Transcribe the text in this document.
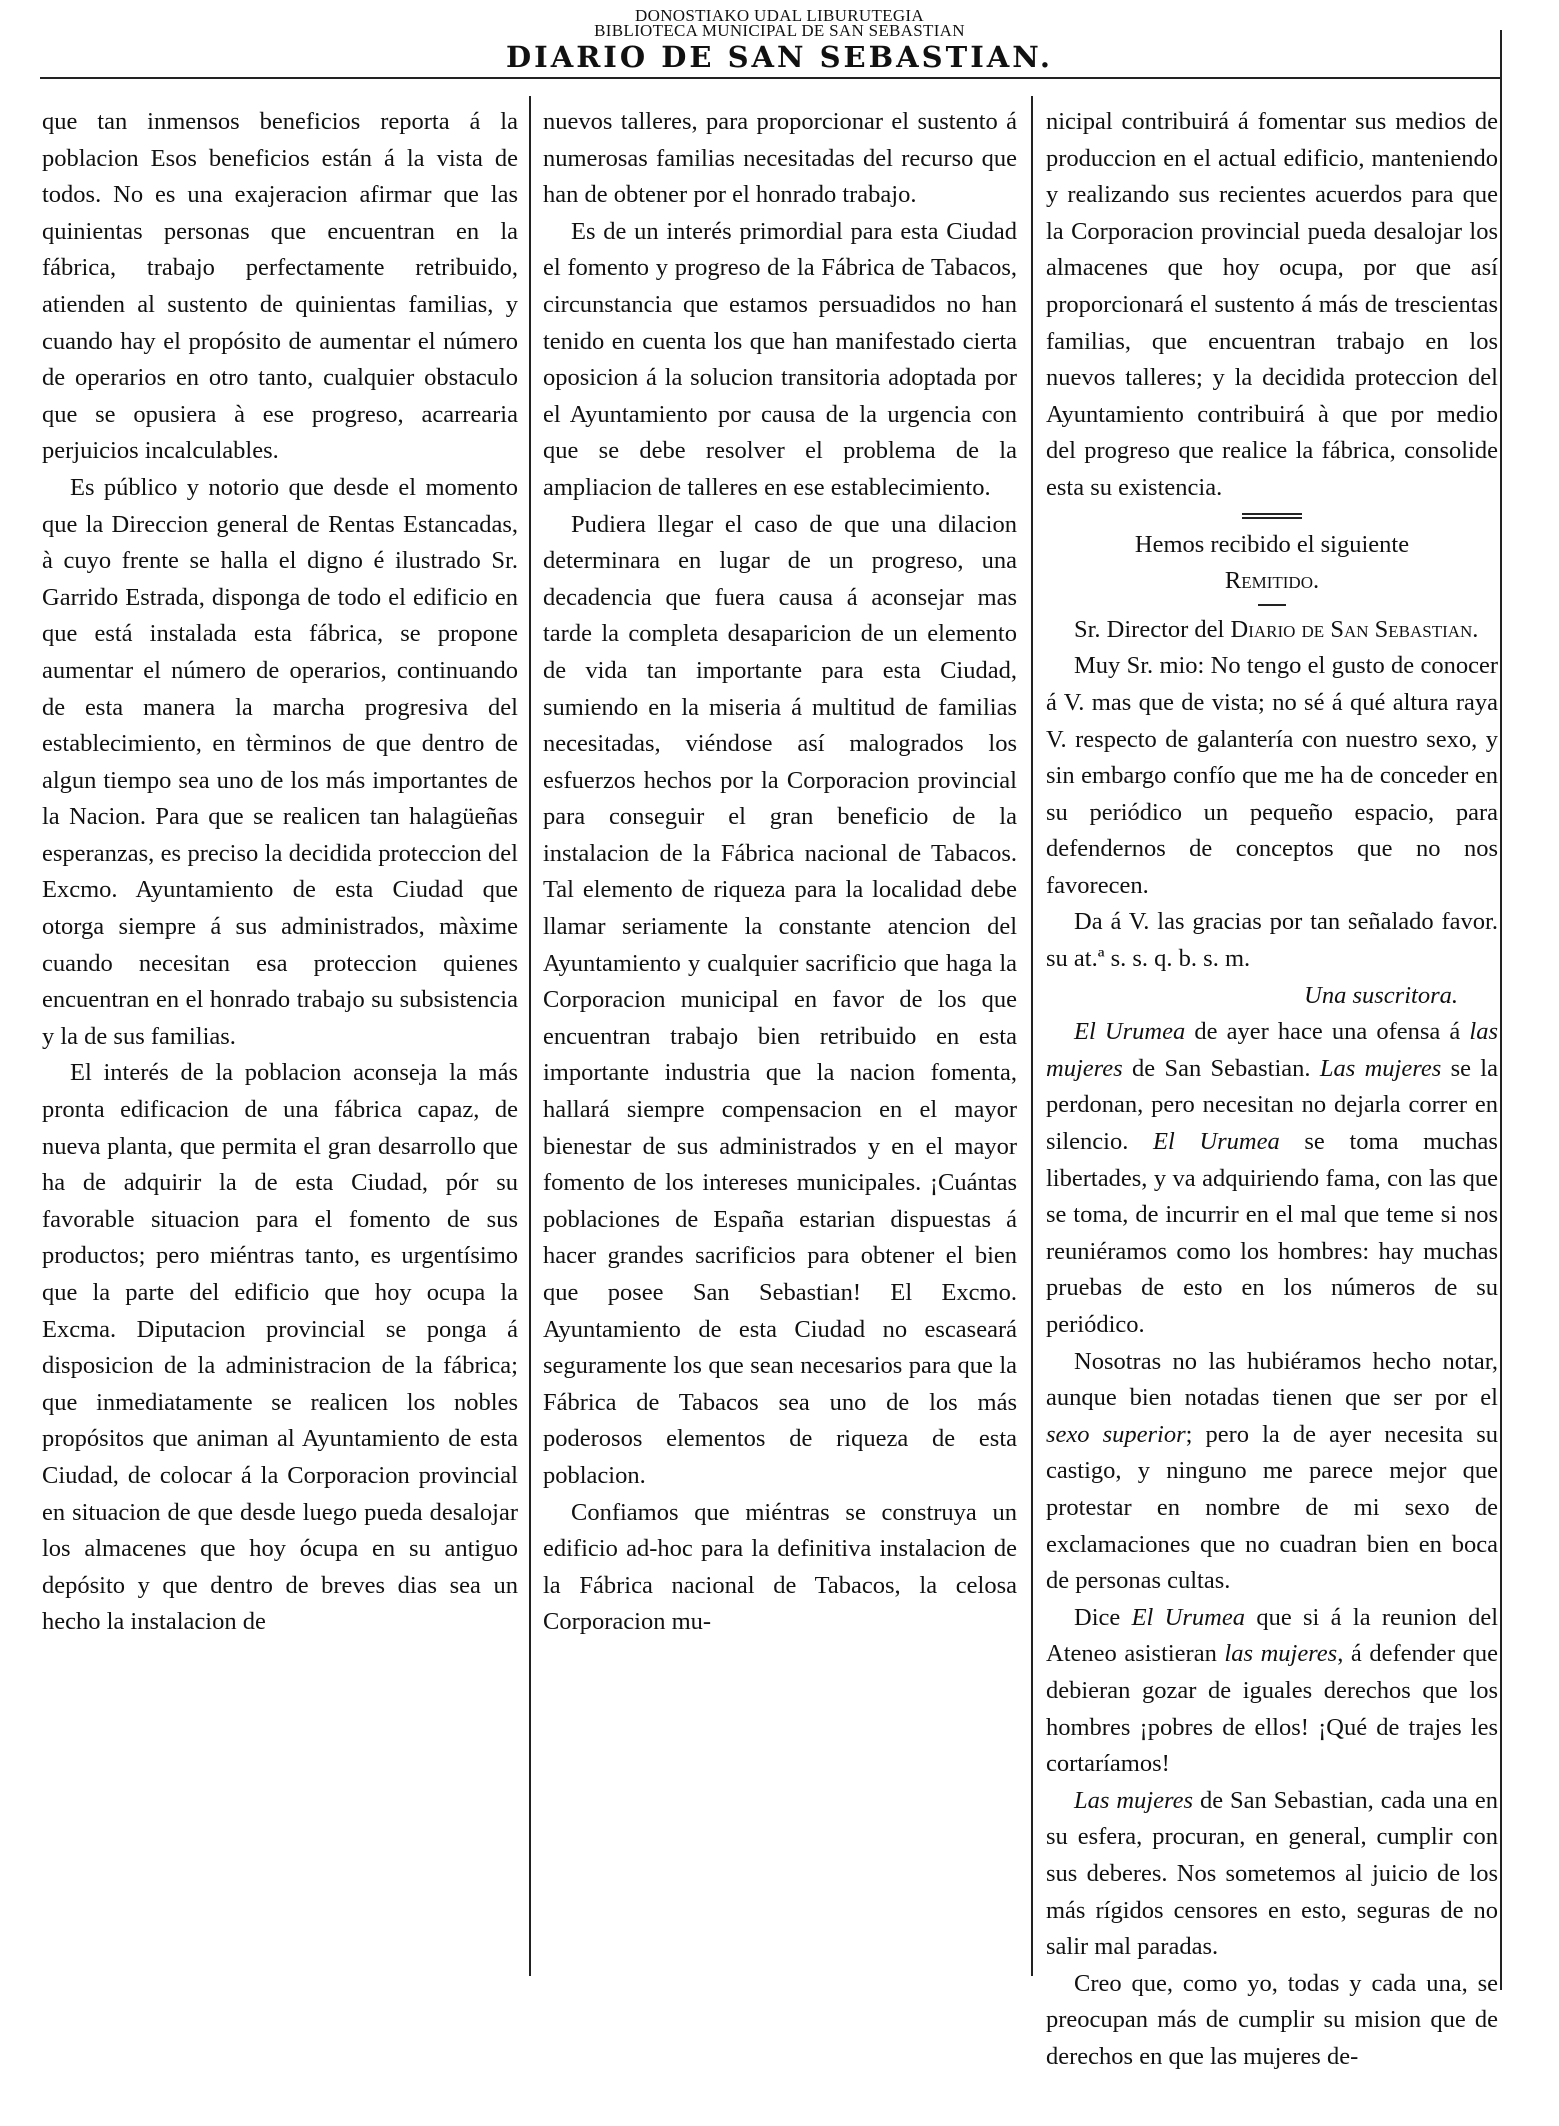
DONOSTIAKO UDAL LIBURUTEGIA
BIBLIOTECA MUNICIPAL DE SAN SEBASTIAN
DIARIO DE SAN SEBASTIAN.

que tan inmensos beneficios reporta á la poblacion Esos beneficios están á la vista de todos. No es una exajeracion afirmar que las quinientas personas que encuentran en la fábrica, trabajo perfectamente retribuido, atienden al sustento de quinientas familias, y cuando hay el propósito de aumentar el número de operarios en otro tanto, cualquier obstaculo que se opusiera à ese progreso, acarrearia perjuicios incalculables.

Es público y notorio que desde el momento que la Direccion general de Rentas Estancadas, à cuyo frente se halla el digno é ilustrado Sr. Garrido Estrada, disponga de todo el edificio en que está instalada esta fábrica, se propone aumentar el número de operarios, continuando de esta manera la marcha progresiva del establecimiento, en tèrminos de que dentro de algun tiempo sea uno de los más importantes de la Nacion. Para que se realicen tan halagüeñas esperanzas, es preciso la decidida proteccion del Excmo. Ayuntamiento de esta Ciudad que otorga siempre á sus administrados, màxime cuando necesitan esa proteccion quienes encuentran en el honrado trabajo su subsistencia y la de sus familias.

El interés de la poblacion aconseja la más pronta edificacion de una fábrica capaz, de nueva planta, que permita el gran desarrollo que ha de adquirir la de esta Ciudad, pór su favorable situacion para el fomento de sus productos; pero miéntras tanto, es urgentísimo que la parte del edificio que hoy ocupa la Excma. Diputacion provincial se ponga á disposicion de la administracion de la fábrica; que inmediatamente se realicen los nobles propósitos que animan al Ayuntamiento de esta Ciudad, de colocar á la Corporacion provincial en situacion de que desde luego pueda desalojar los almacenes que hoy ócupa en su antiguo depósito y que dentro de breves dias sea un hecho la instalacion de

nuevos talleres, para proporcionar el sustento á numerosas familias necesitadas del recurso que han de obtener por el honrado trabajo.

Es de un interés primordial para esta Ciudad el fomento y progreso de la Fábrica de Tabacos, circunstancia que estamos persuadidos no han tenido en cuenta los que han manifestado cierta oposicion á la solucion transitoria adoptada por el Ayuntamiento por causa de la urgencia con que se debe resolver el problema de la ampliacion de talleres en ese establecimiento.

Pudiera llegar el caso de que una dilacion determinara en lugar de un progreso, una decadencia que fuera causa á aconsejar mas tarde la completa desaparicion de un elemento de vida tan importante para esta Ciudad, sumiendo en la miseria á multitud de familias necesitadas, viéndose así malogrados los esfuerzos hechos por la Corporacion provincial para conseguir el gran beneficio de la instalacion de la Fábrica nacional de Tabacos. Tal elemento de riqueza para la localidad debe llamar seriamente la constante atencion del Ayuntamiento y cualquier sacrificio que haga la Corporacion municipal en favor de los que encuentran trabajo bien retribuido en esta importante industria que la nacion fomenta, hallará siempre compensacion en el mayor bienestar de sus administrados y en el mayor fomento de los intereses municipales. ¡Cuántas poblaciones de España estarian dispuestas á hacer grandes sacrificios para obtener el bien que posee San Sebastian! El Excmo. Ayuntamiento de esta Ciudad no escaseará seguramente los que sean necesarios para que la Fábrica de Tabacos sea uno de los más poderosos elementos de riqueza de esta poblacion.

Confiamos que miéntras se construya un edificio ad-hoc para la definitiva instalacion de la Fábrica nacional de Tabacos, la celosa Corporacion mu-

nicipal contribuirá á fomentar sus medios de produccion en el actual edificio, manteniendo y realizando sus recientes acuerdos para que la Corporacion provincial pueda desalojar los almacenes que hoy ocupa, por que así proporcionará el sustento á más de trescientas familias, que encuentran trabajo en los nuevos talleres; y la decidida proteccion del Ayuntamiento contribuirá à que por medio del progreso que realice la fábrica, consolide esta su existencia.

Hemos recibido el siguiente

Remitido.

Sr. Director del Diario de San Sebastian.

Muy Sr. mio: No tengo el gusto de conocer á V. mas que de vista; no sé á qué altura raya V. respecto de galantería con nuestro sexo, y sin embargo confío que me ha de conceder en su periódico un pequeño espacio, para defendernos de conceptos que no nos favorecen.

Da á V. las gracias por tan señalado favor. su at.ª s. s. q. b. s. m.

Una suscritora.

El Urumea de ayer hace una ofensa á las mujeres de San Sebastian. Las mujeres se la perdonan, pero necesitan no dejarla correr en silencio. El Urumea se toma muchas libertades, y va adquiriendo fama, con las que se toma, de incurrir en el mal que teme si nos reuniéramos como los hombres: hay muchas pruebas de esto en los números de su periódico.

Nosotras no las hubiéramos hecho notar, aunque bien notadas tienen que ser por el sexo superior; pero la de ayer necesita su castigo, y ninguno me parece mejor que protestar en nombre de mi sexo de exclamaciones que no cuadran bien en boca de personas cultas.

Dice El Urumea que si á la reunion del Ateneo asistieran las mujeres, á defender que debieran gozar de iguales derechos que los hombres ¡pobres de ellos! ¡Qué de trajes les cortaríamos!

Las mujeres de San Sebastian, cada una en su esfera, procuran, en general, cumplir con sus deberes. Nos sometemos al juicio de los más rígidos censores en esto, seguras de no salir mal paradas.

Creo que, como yo, todas y cada una, se preocupan más de cumplir su mision que de derechos en que las mujeres de-
